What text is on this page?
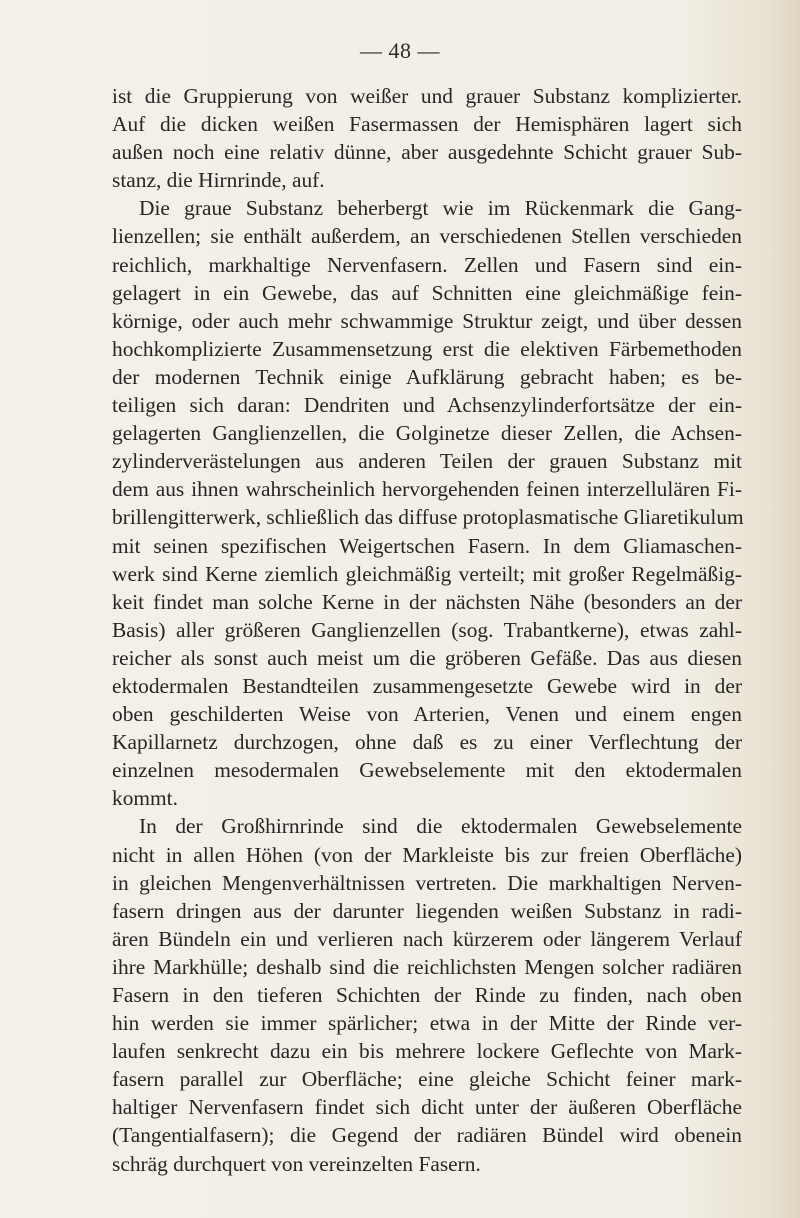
— 48 —
ist die Gruppierung von weißer und grauer Substanz komplizierter.
Auf die dicken weißen Fasermassen der Hemisphären lagert sich
außen noch eine relativ dünne, aber ausgedehnte Schicht grauer Sub-
stanz, die Hirnrinde, auf.
Die graue Substanz beherbergt wie im Rückenmark die Gang-
lienzellen; sie enthält außerdem, an verschiedenen Stellen verschieden
reichlich, markhaltige Nervenfasern. Zellen und Fasern sind ein-
gelagert in ein Gewebe, das auf Schnitten eine gleichmäßige fein-
körnige, oder auch mehr schwammige Struktur zeigt, und über dessen
hochkomplizierte Zusammensetzung erst die elektiven Färbemethoden
der modernen Technik einige Aufklärung gebracht haben; es be-
teiligen sich daran: Dendriten und Achsenzylinderfortsätze der ein-
gelagerten Ganglienzellen, die Golginetze dieser Zellen, die Achsen-
zylinderverästelungen aus anderen Teilen der grauen Substanz mit
dem aus ihnen wahrscheinlich hervorgehenden feinen interzellulären Fi-
brillengitterwerk, schließlich das diffuse protoplasmatische Gliaretikulum
mit seinen spezifischen Weigertschen Fasern. In dem Gliamaschen-
werk sind Kerne ziemlich gleichmäßig verteilt; mit großer Regelmäßig-
keit findet man solche Kerne in der nächsten Nähe (besonders an der
Basis) aller größeren Ganglienzellen (sog. Trabantkerne), etwas zahl-
reicher als sonst auch meist um die gröberen Gefäße. Das aus diesen
ektodermalen Bestandteilen zusammengesetzte Gewebe wird in der
oben geschilderten Weise von Arterien, Venen und einem engen
Kapillarnetz durchzogen, ohne daß es zu einer Verflechtung der
einzelnen mesodermalen Gewebselemente mit den ektodermalen
kommt.
In der Großhirnrinde sind die ektodermalen Gewebselemente
nicht in allen Höhen (von der Markleiste bis zur freien Oberfläche)
in gleichen Mengenverhältnissen vertreten. Die markhaltigen Nerven-
fasern dringen aus der darunter liegenden weißen Substanz in radi-
ären Bündeln ein und verlieren nach kürzerem oder längerem Verlauf
ihre Markhülle; deshalb sind die reichlichsten Mengen solcher radiären
Fasern in den tieferen Schichten der Rinde zu finden, nach oben
hin werden sie immer spärlicher; etwa in der Mitte der Rinde ver-
laufen senkrecht dazu ein bis mehrere lockere Geflechte von Mark-
fasern parallel zur Oberfläche; eine gleiche Schicht feiner mark-
haltiger Nervenfasern findet sich dicht unter der äußeren Oberfläche
(Tangentialfasern); die Gegend der radiären Bündel wird obenein
schräg durchquert von vereinzelten Fasern.
